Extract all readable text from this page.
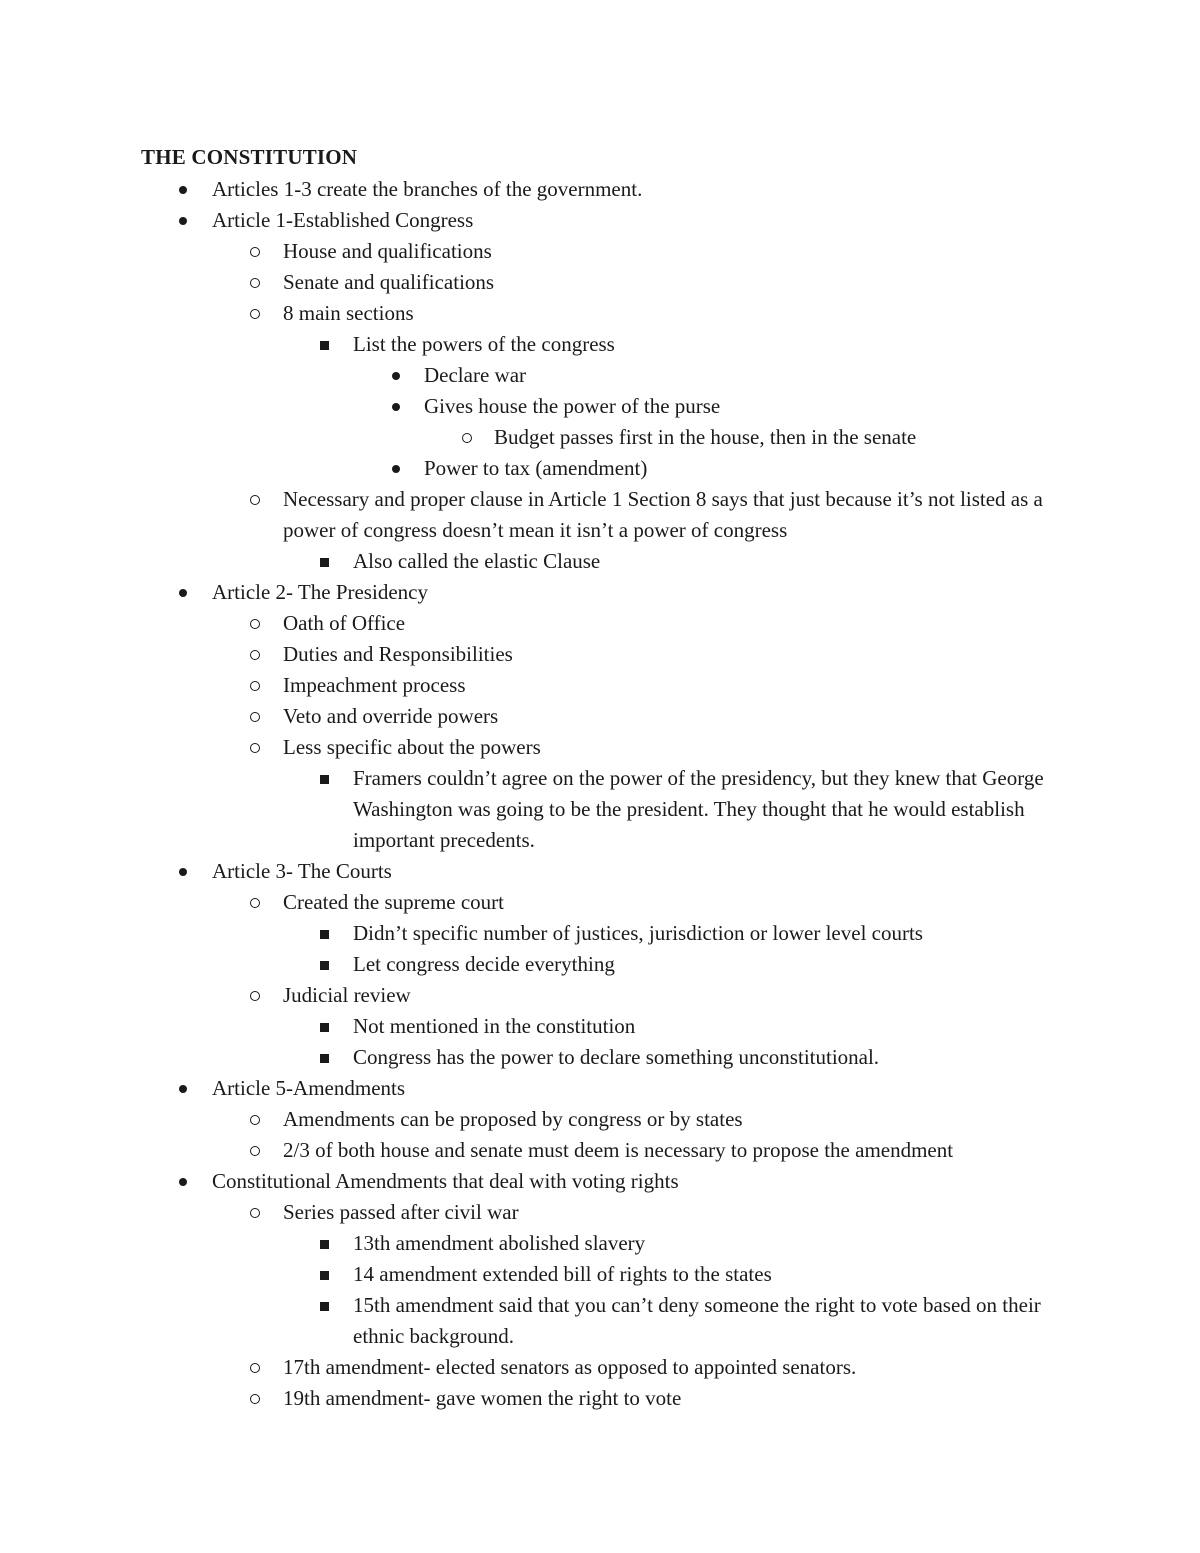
THE CONSTITUTION
Articles 1-3 create the branches of the government.
Article 1-Established Congress
House and qualifications
Senate and qualifications
8 main sections
List the powers of the congress
Declare war
Gives house the power of the purse
Budget passes first in the house, then in the senate
Power to tax (amendment)
Necessary and proper clause in Article 1 Section 8 says that just because it’s not listed as a power of congress doesn’t mean it isn’t a power of congress
Also called the elastic Clause
Article 2- The Presidency
Oath of Office
Duties and Responsibilities
Impeachment process
Veto and override powers
Less specific about the powers
Framers couldn’t agree on the power of the presidency, but they knew that George Washington was going to be the president. They thought that he would establish important precedents.
Article 3- The Courts
Created the supreme court
Didn’t specific number of justices, jurisdiction or lower level courts
Let congress decide everything
Judicial review
Not mentioned in the constitution
Congress has the power to declare something unconstitutional.
Article 5-Amendments
Amendments can be proposed by congress or by states
2/3 of both house and senate must deem is necessary to propose the amendment
Constitutional Amendments that deal with voting rights
Series passed after civil war
13th amendment abolished slavery
14 amendment extended bill of rights to the states
15th amendment said that you can’t deny someone the right to vote based on their ethnic background.
17th amendment- elected senators as opposed to appointed senators.
19th amendment- gave women the right to vote
